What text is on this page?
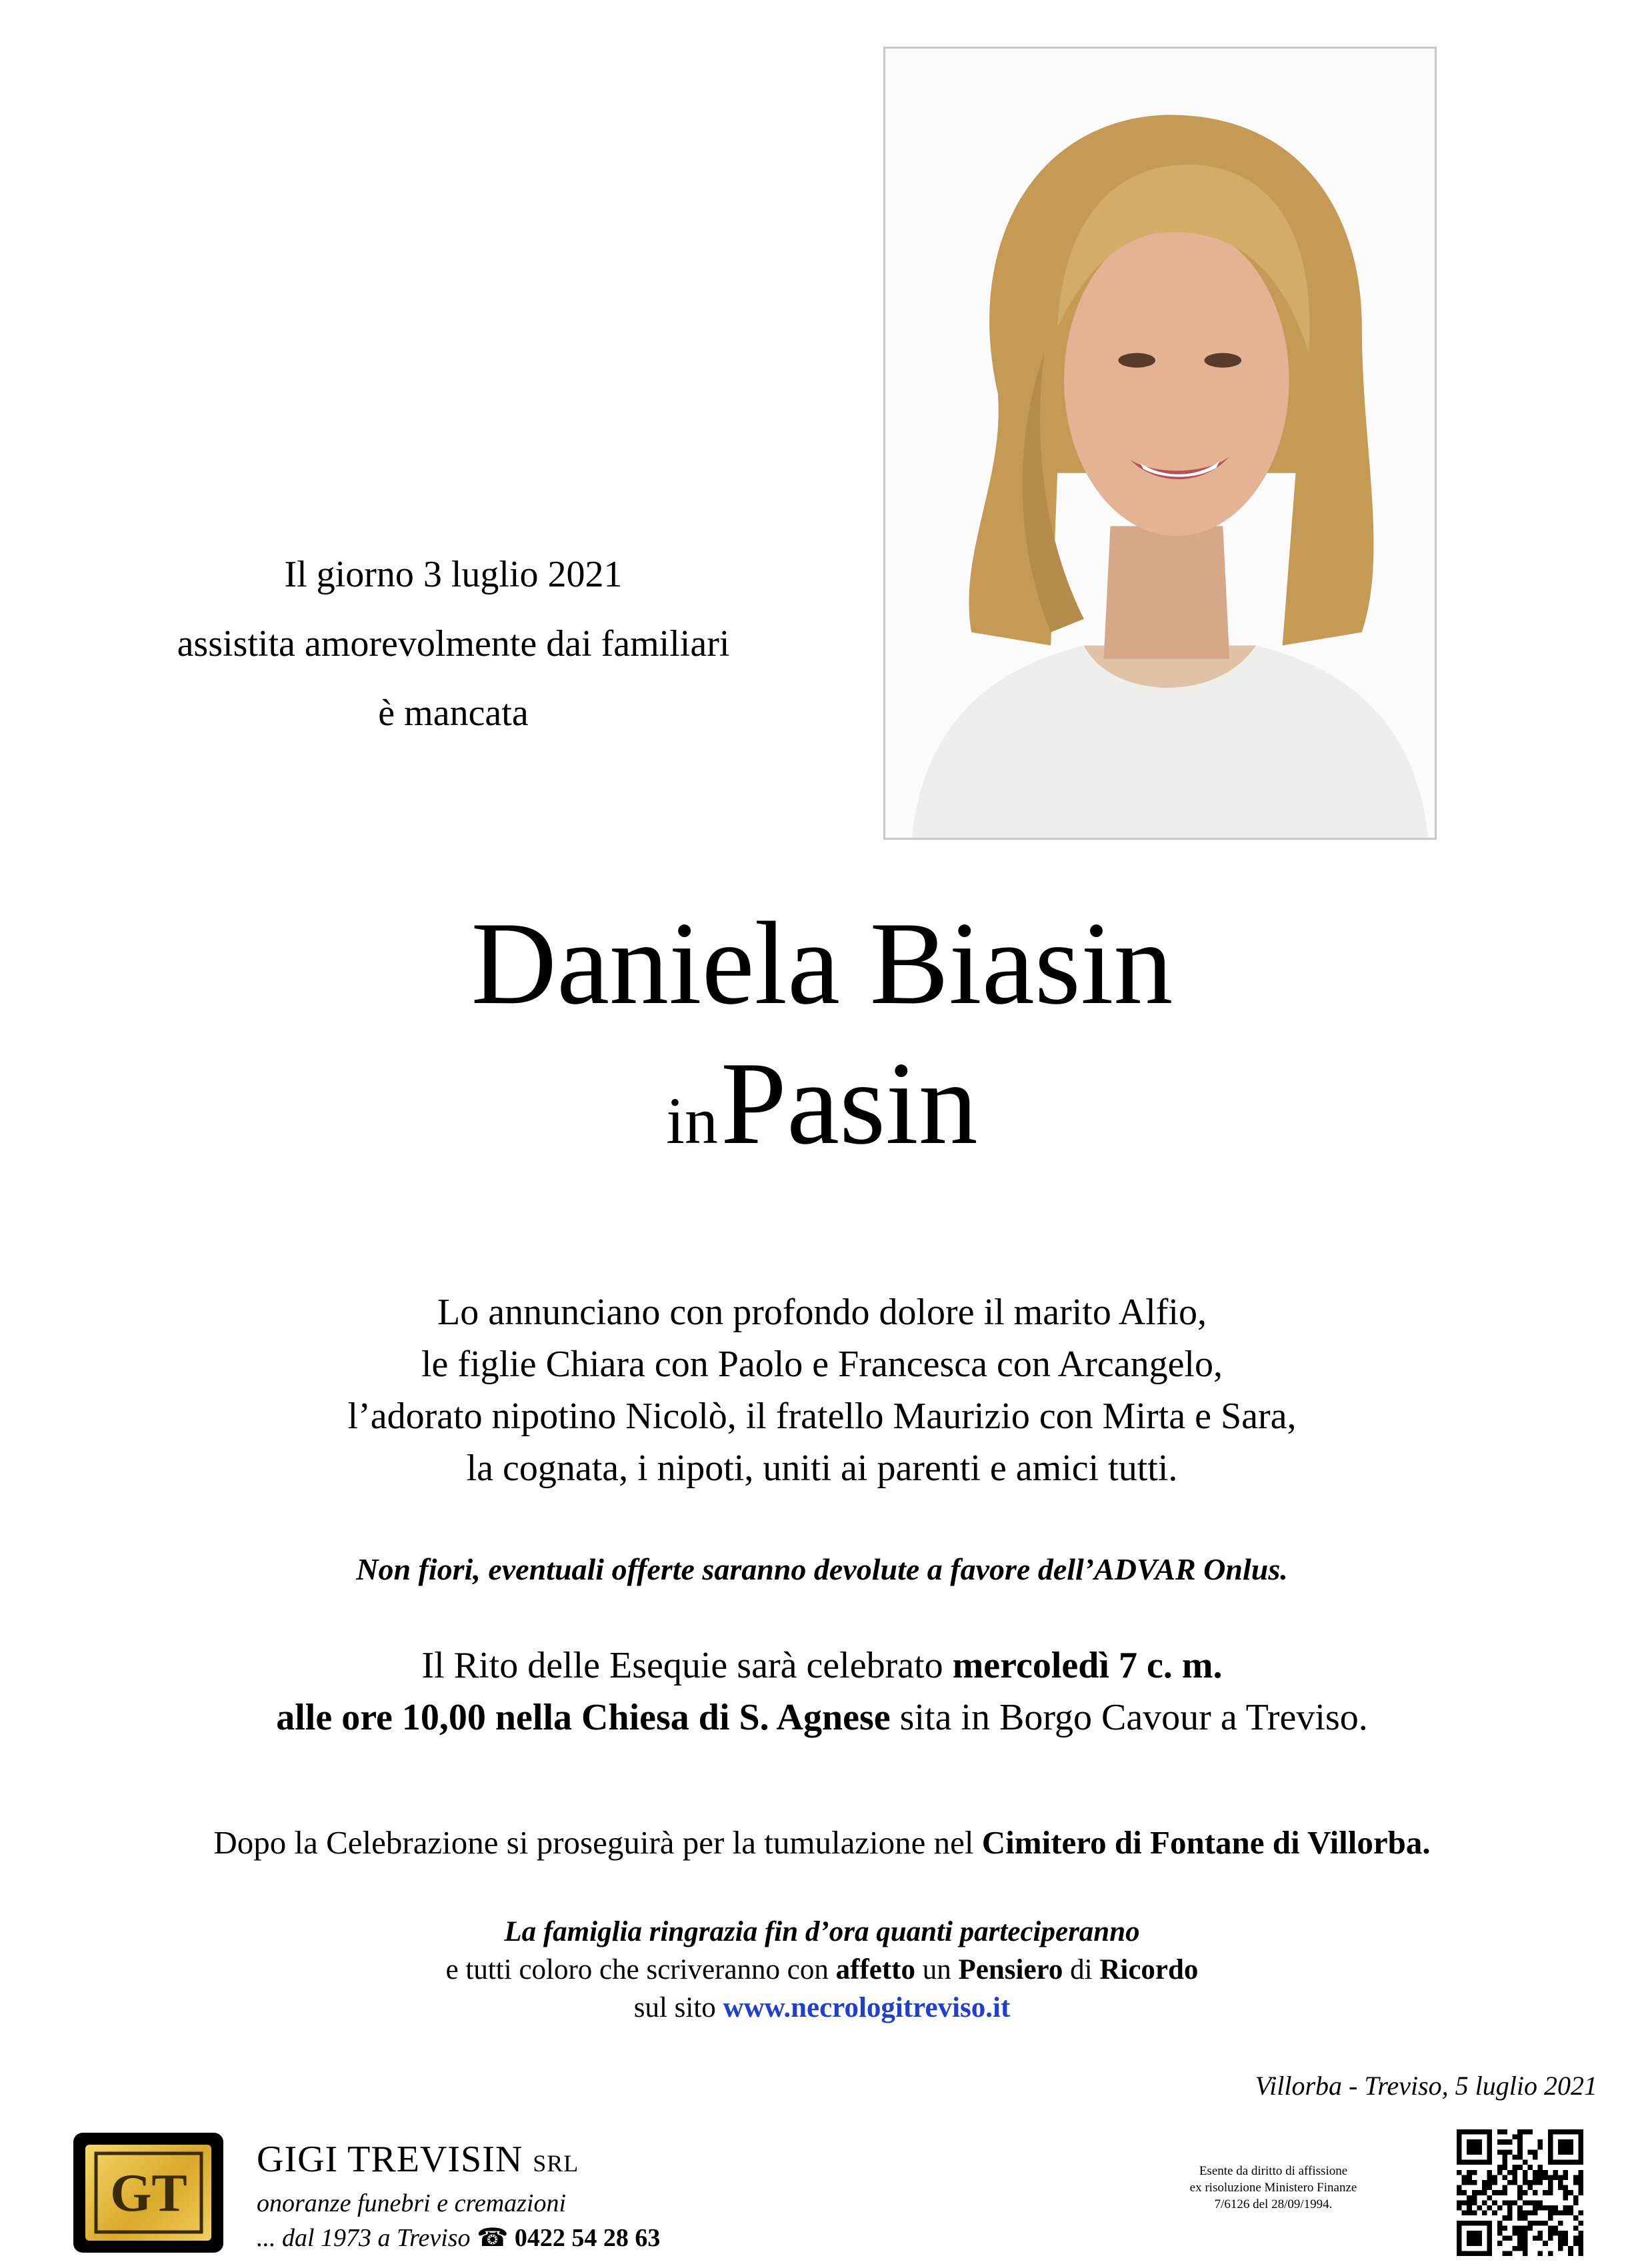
Il giorno 3 luglio 2021
assistita amorevolmente dai familiari
è mancata
Daniela Biasin
in Pasin
Lo annunciano con profondo dolore il marito Alfio,
le figlie Chiara con Paolo e Francesca con Arcangelo,
l’adorato nipotino Nicolò, il fratello Maurizio con Mirta e Sara,
la cognata, i nipoti, uniti ai parenti e amici tutti.
Non fiori, eventuali offerte saranno devolute a favore dell’ADVAR Onlus.
Il Rito delle Esequie sarà celebrato mercoledì 7 c. m.
alle ore 10,00 nella Chiesa di S. Agnese sita in Borgo Cavour a Treviso.
Dopo la Celebrazione si proseguirà per la tumulazione nel Cimitero di Fontane di Villorba.
La famiglia ringrazia fin d’ora quanti parteciperanno
e tutti coloro che scriveranno con affetto un Pensiero di Ricordo
sul sito www.necrologitreviso.it
Villorba - Treviso, 5 luglio 2021
GT
GIGI TREVISIN SRL
onoranze funebri e cremazioni
... dal 1973 a Treviso ☎ 0422 54 28 63
Esente da diritto di affissione
ex risoluzione Ministero Finanze
7/6126 del 28/09/1994.
